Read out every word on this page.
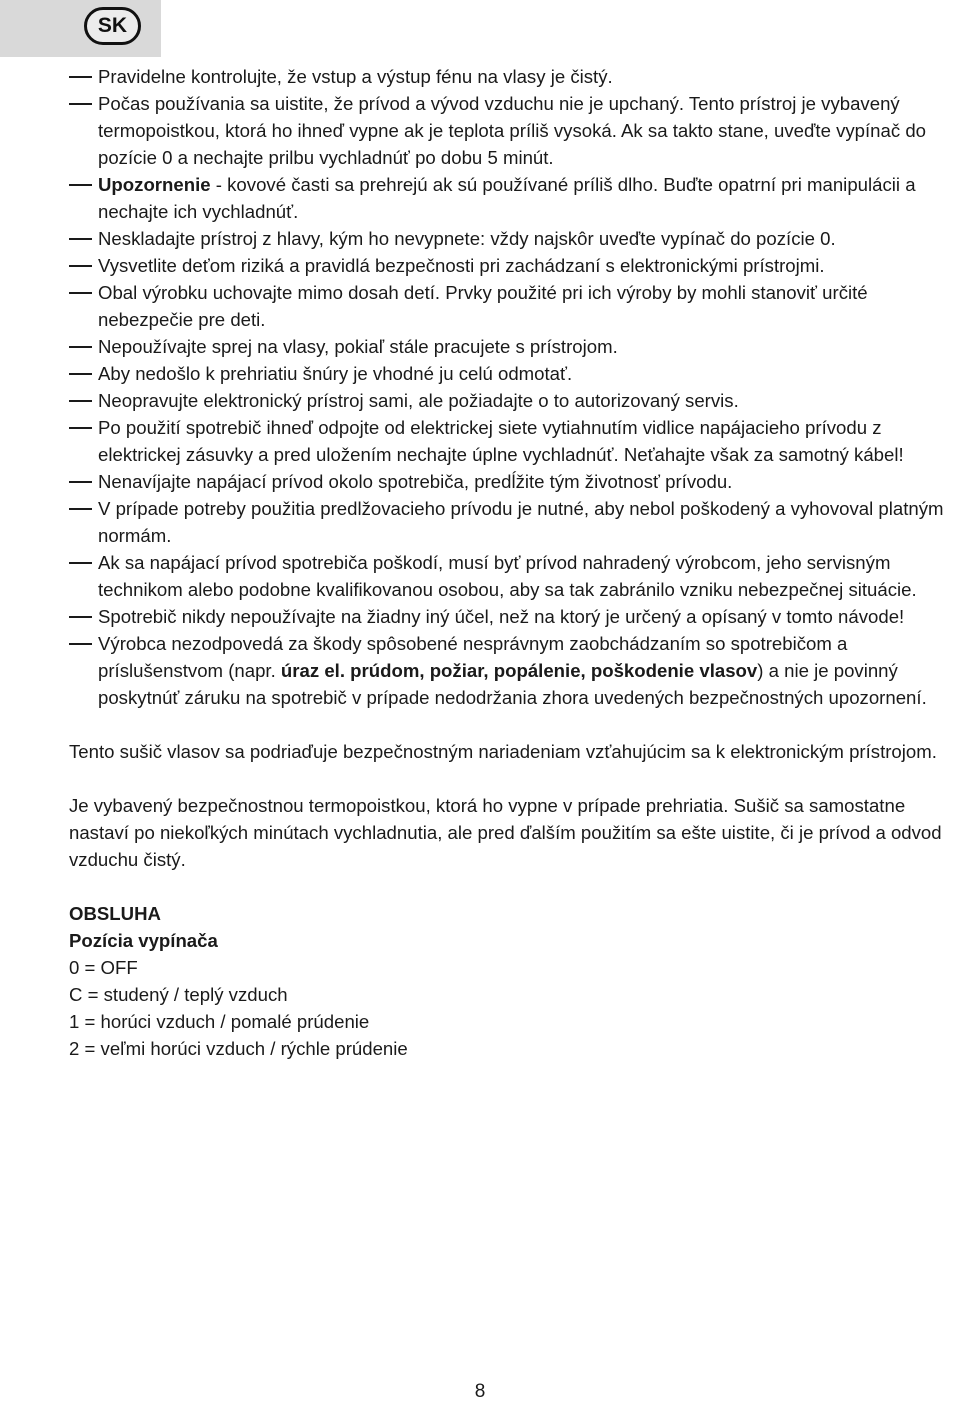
SK
Pravidelne kontrolujte, že vstup a výstup fénu na vlasy je čistý.
Počas používania sa uistite, že prívod a vývod vzduchu nie je upchaný. Tento prístroj je vybavený termopoistkou, ktorá ho ihneď vypne ak je teplota príliš vysoká. Ak sa takto stane, uveďte vypínač do pozície 0 a nechajte prilbu vychladnúť po dobu 5 minút.
Upozornenie - kovové časti sa prehrejú ak sú používané príliš dlho. Buďte opatrní pri manipulácii a nechajte ich vychladnúť.
Neskladajte prístroj z hlavy, kým ho nevypnete: vždy najskôr uveďte vypínač do pozície 0.
Vysvetlite deťom riziká a pravidlá bezpečnosti pri zachádzaní s elektronickými prístrojmi.
Obal výrobku uchovajte mimo dosah detí. Prvky použité pri ich výroby by mohli stanoviť určité nebezpečie pre deti.
Nepoužívajte sprej na vlasy, pokiaľ stále pracujete s prístrojom.
Aby nedošlo k prehriatiu šnúry je vhodné ju celú odmotať.
Neopravujte elektronický prístroj sami, ale požiadajte o to autorizovaný servis.
Po použití spotrebič ihneď odpojte od elektrickej siete vytiahnutím vidlice napájacieho prívodu z elektrickej zásuvky a pred uložením nechajte úplne vychladnúť. Neťahajte však za samotný kábel!
Nenavíjajte napájací prívod okolo spotrebiča, predĺžite tým životnosť prívodu.
V prípade potreby použitia predlžovacieho prívodu je nutné, aby nebol poškodený a vyhovoval platným normám.
Ak sa napájací prívod spotrebiča poškodí, musí byť prívod nahradený výrobcom, jeho servisným technikom alebo podobne kvalifikovanou osobou, aby sa tak zabránilo vzniku nebezpečnej situácie.
Spotrebič nikdy nepoužívajte na žiadny iný účel, než na ktorý je určený a opísaný v tomto návode!
Výrobca nezodpovedá za škody spôsobené nesprávnym zaobchádzaním so spotrebičom a príslušenstvom (napr. úraz el. prúdom, požiar, popálenie, poškodenie vlasov) a nie je povinný poskytnúť záruku na spotrebič v prípade nedodržania zhora uvedených bezpečnostných upozornení.

Tento sušič vlasov sa podriaďuje bezpečnostným nariadeniam vzťahujúcim sa k elektronickým prístrojom.

Je vybavený bezpečnostnou termopoistkou, ktorá ho vypne v prípade prehriatia. Sušič sa samostatne nastaví po niekoľkých minútach vychladnutia, ale pred ďalším použitím sa ešte uistite, či je prívod a odvod vzduchu čistý.

OBSLUHA

Pozícia vypínača

0 = OFF

C = studený / teplý vzduch

1 = horúci vzduch / pomalé prúdenie

2 = veľmi horúci vzduch / rýchle prúdenie

8
